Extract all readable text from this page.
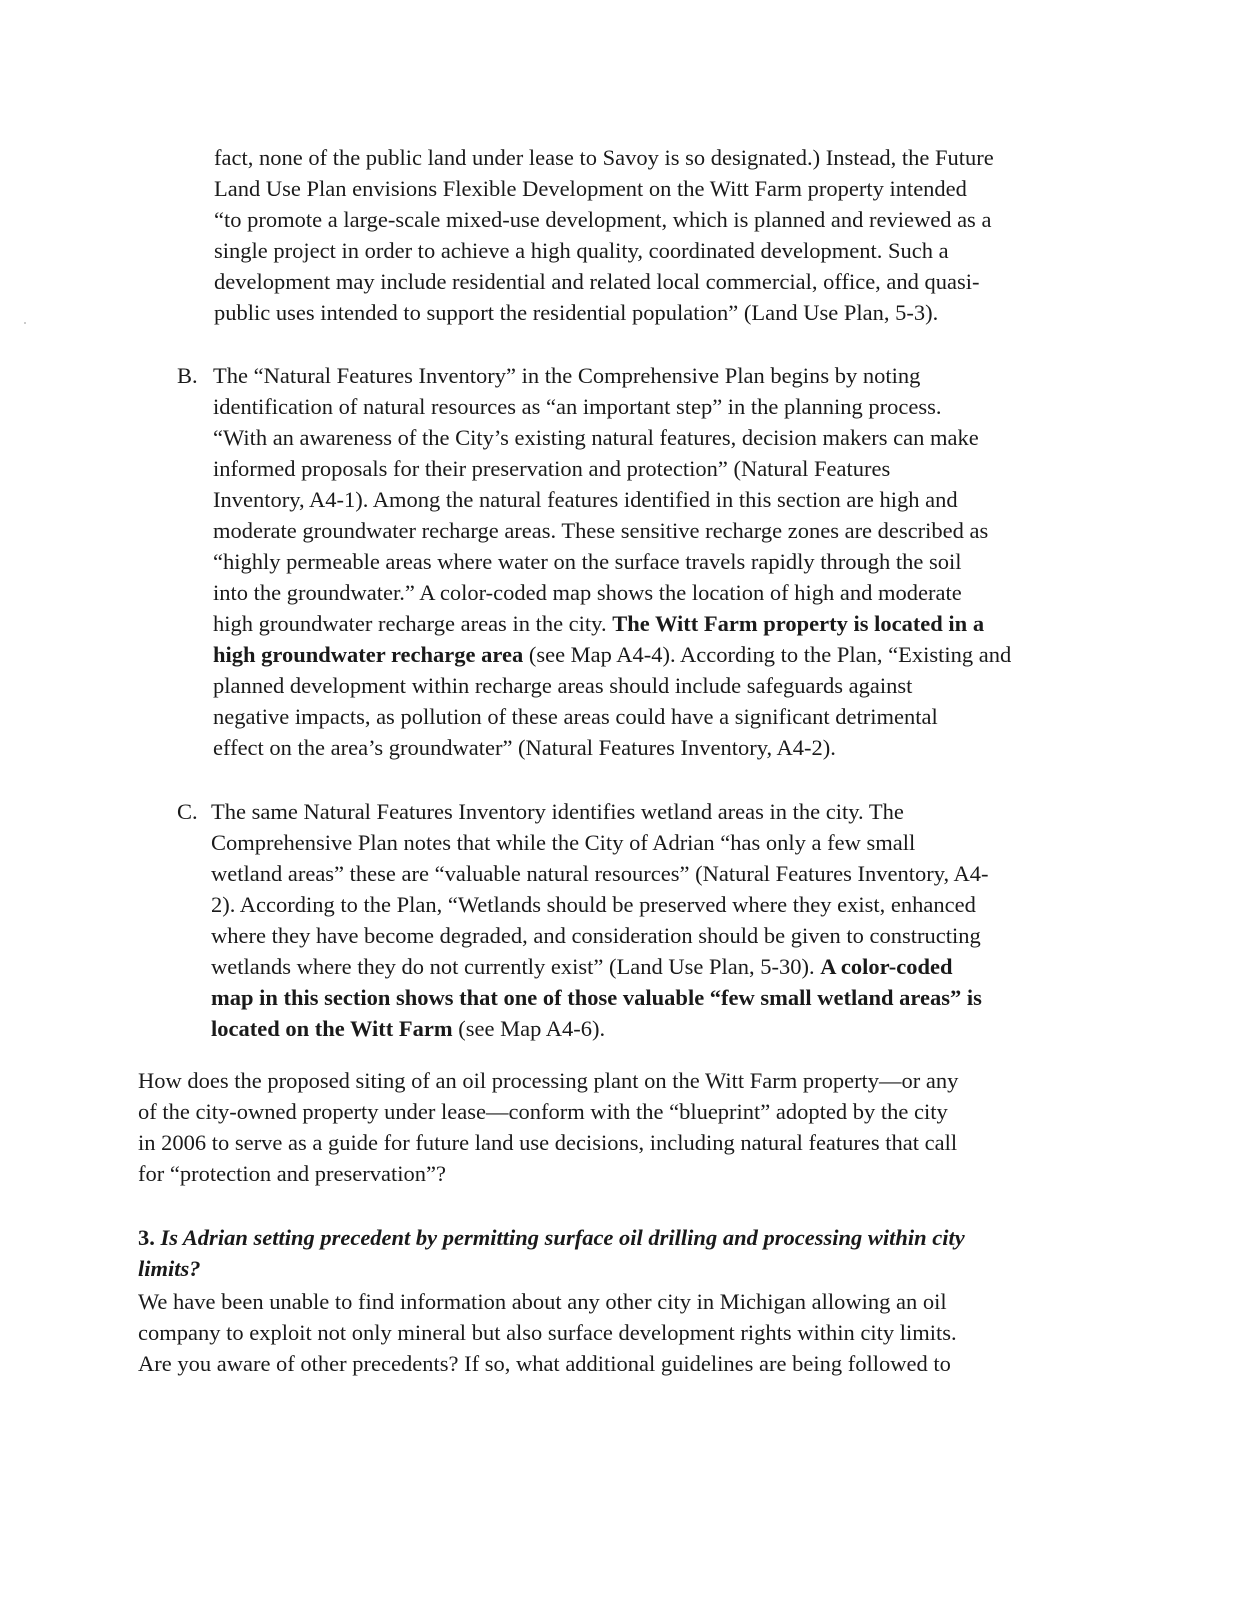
fact, none of the public land under lease to Savoy is so designated.) Instead, the Future
Land Use Plan envisions Flexible Development on the Witt Farm property intended
“to promote a large-scale mixed-use development, which is planned and reviewed as a
single project in order to achieve a high quality, coordinated development. Such a
development may include residential and related local commercial, office, and quasi-
public uses intended to support the residential population” (Land Use Plan, 5-3).
B. The “Natural Features Inventory” in the Comprehensive Plan begins by noting
identification of natural resources as “an important step” in the planning process.
“With an awareness of the City’s existing natural features, decision makers can make
informed proposals for their preservation and protection” (Natural Features
Inventory, A4-1). Among the natural features identified in this section are high and
moderate groundwater recharge areas. These sensitive recharge zones are described as
“highly permeable areas where water on the surface travels rapidly through the soil
into the groundwater.” A color-coded map shows the location of high and moderate
high groundwater recharge areas in the city. The Witt Farm property is located in a
high groundwater recharge area (see Map A4-4). According to the Plan, “Existing and
planned development within recharge areas should include safeguards against
negative impacts, as pollution of these areas could have a significant detrimental
effect on the area’s groundwater” (Natural Features Inventory, A4-2).
C. The same Natural Features Inventory identifies wetland areas in the city. The
Comprehensive Plan notes that while the City of Adrian “has only a few small
wetland areas” these are “valuable natural resources” (Natural Features Inventory, A4-
2). According to the Plan, “Wetlands should be preserved where they exist, enhanced
where they have become degraded, and consideration should be given to constructing
wetlands where they do not currently exist” (Land Use Plan, 5-30). A color-coded
map in this section shows that one of those valuable “few small wetland areas” is
located on the Witt Farm (see Map A4-6).
How does the proposed siting of an oil processing plant on the Witt Farm property—or any
of the city-owned property under lease—conform with the “blueprint” adopted by the city
in 2006 to serve as a guide for future land use decisions, including natural features that call
for “protection and preservation”?
3. Is Adrian setting precedent by permitting surface oil drilling and processing within city
limits?
We have been unable to find information about any other city in Michigan allowing an oil
company to exploit not only mineral but also surface development rights within city limits.
Are you aware of other precedents? If so, what additional guidelines are being followed to
